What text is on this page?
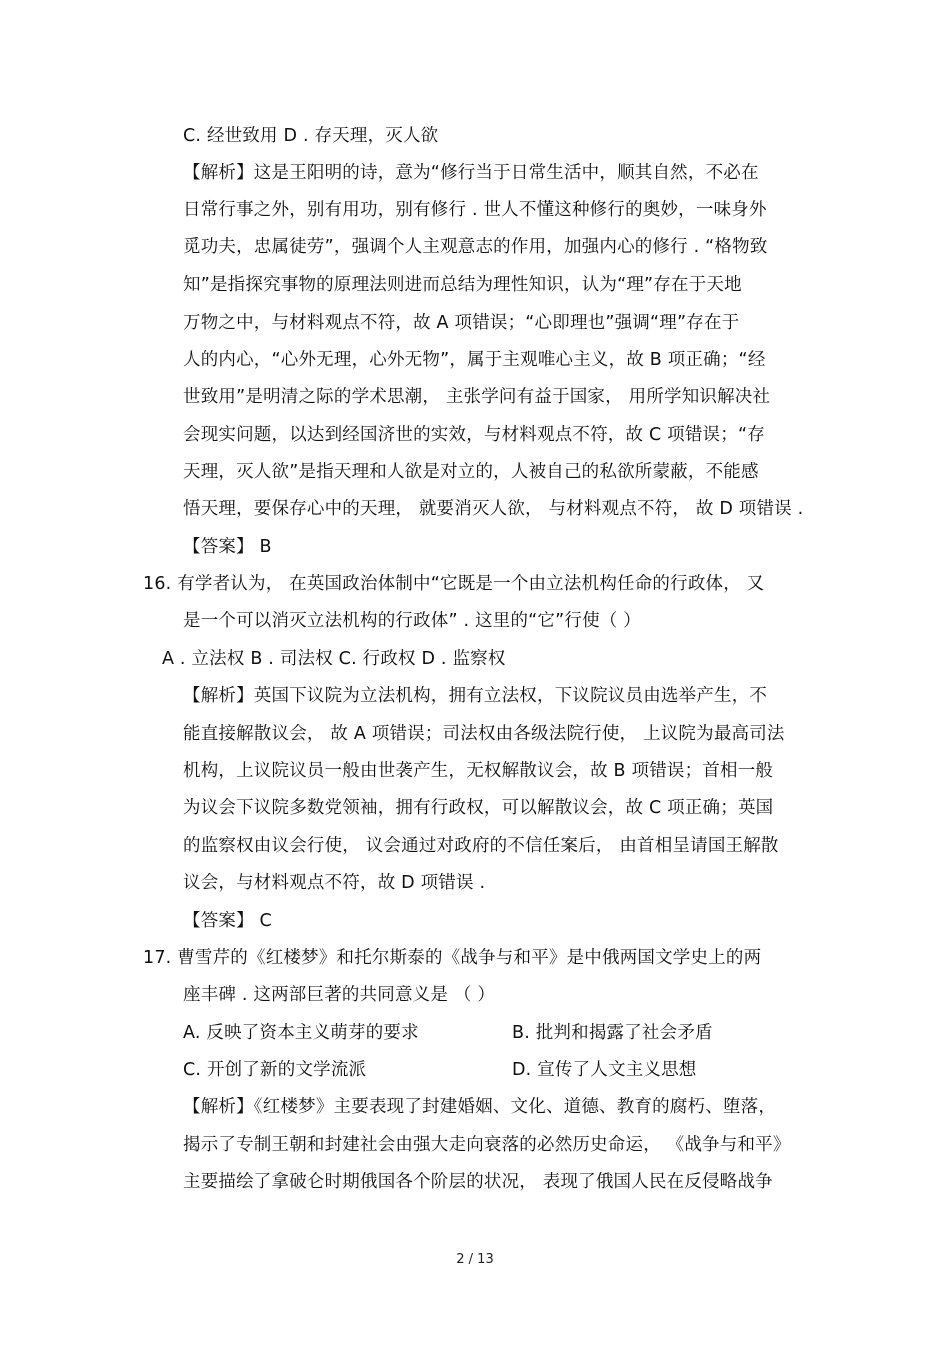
C. 经世致用 D . 存天理，灭人欲
【解析】这是王阳明的诗，意为“修行当于日常生活中，顺其自然，不必在
日常行事之外，别有用功，别有修行 . 世人不懂这种修行的奥妙，一味身外
觅功夫，忠属徒劳”，强调个人主观意志的作用，加强内心的修行 . “格物致
知”是指探究事物的原理法则进而总结为理性知识，认为“理”存在于天地
万物之中，与材料观点不符，故 A 项错误；“心即理也”强调“理”存在于
人的内心，“心外无理，心外无物”，属于主观唯心主义，故 B 项正确；“经
世致用”是明清之际的学术思潮， 主张学问有益于国家， 用所学知识解决社
会现实问题，以达到经国济世的实效，与材料观点不符，故 C 项错误；“存
天理，灭人欲”是指天理和人欲是对立的，人被自己的私欲所蒙蔽，不能感
悟天理，要保存心中的天理， 就要消灭人欲， 与材料观点不符， 故 D 项错误 .
【答案】 B
16. 有学者认为， 在英国政治体制中“它既是一个由立法机构任命的行政体， 又
是一个可以消灭立法机构的行政体” . 这里的“它”行使（ ）
A . 立法权 B . 司法权 C. 行政权 D . 监察权
【解析】英国下议院为立法机构，拥有立法权，下议院议员由选举产生，不
能直接解散议会， 故 A 项错误；司法权由各级法院行使， 上议院为最高司法
机构，上议院议员一般由世袭产生，无权解散议会，故 B 项错误；首相一般
为议会下议院多数党领袖，拥有行政权，可以解散议会，故 C 项正确；英国
的监察权由议会行使， 议会通过对政府的不信任案后， 由首相呈请国王解散
议会，与材料观点不符，故 D 项错误 .
【答案】 C
17. 曹雪芹的《红楼梦》和托尔斯泰的《战争与和平》是中俄两国文学史上的两
座丰碑 . 这两部巨著的共同意义是 （ ）
A. 反映了资本主义萌芽的要求	B. 批判和揭露了社会矛盾
C. 开创了新的文学流派	D. 宣传了人文主义思想
【解析】《红楼梦》主要表现了封建婚姻、文化、道德、教育的腐朽、堕落，
揭示了专制王朝和封建社会由强大走向衰落的必然历史命运， 《战争与和平》
主要描绘了拿破仑时期俄国各个阶层的状况， 表现了俄国人民在反侵略战争
2 / 13
